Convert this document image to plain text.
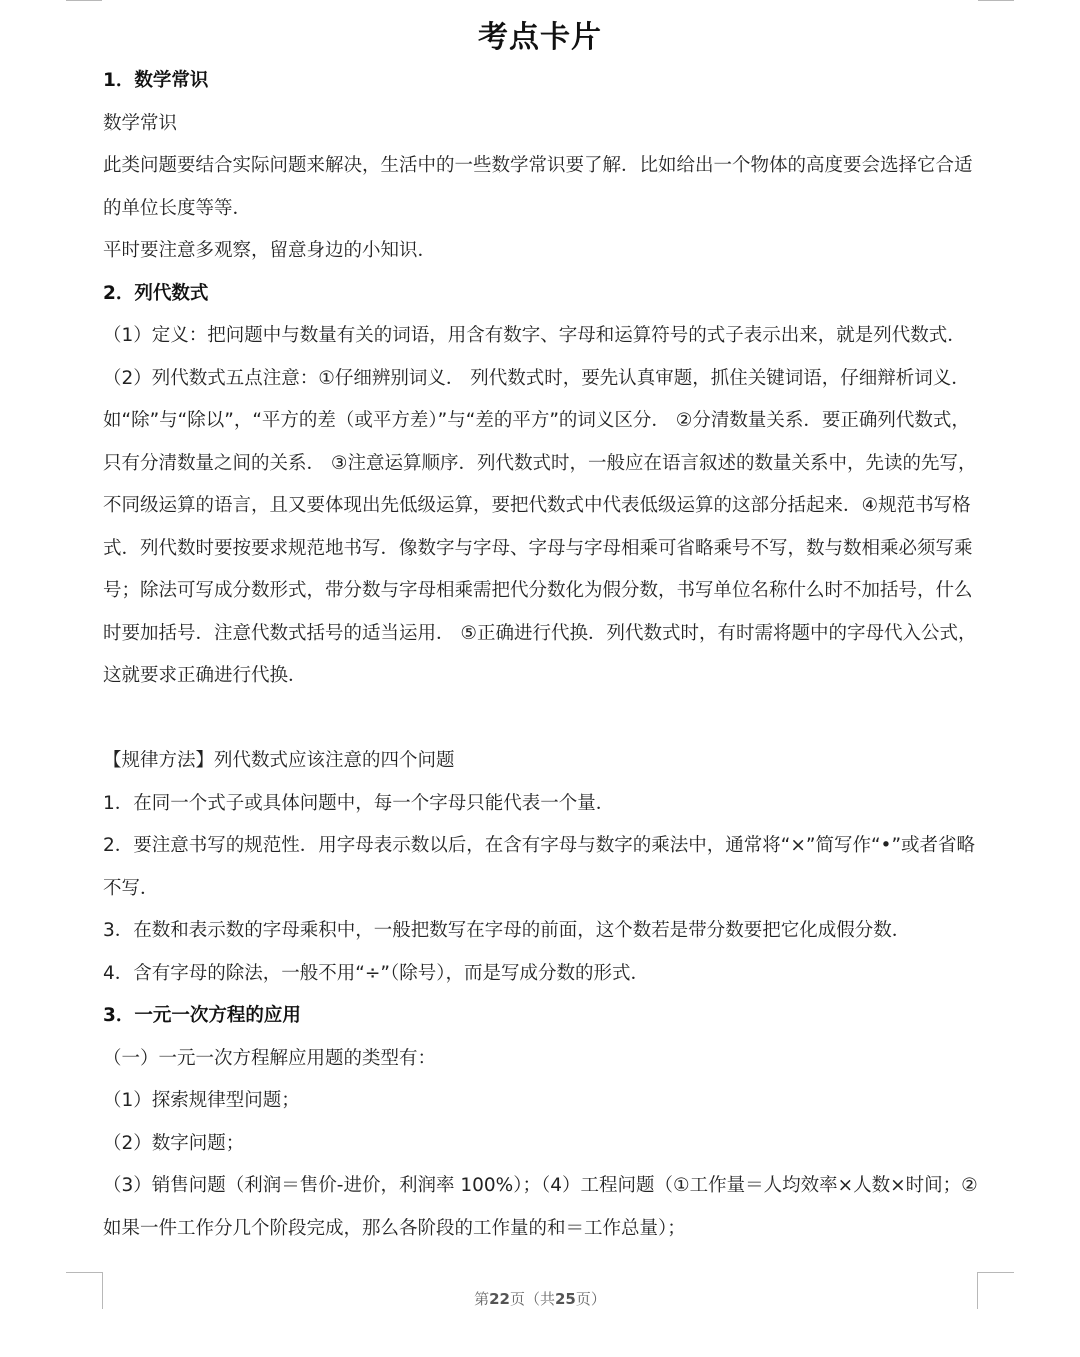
考点卡片

1．数学常识

数学常识

此类问题要结合实际问题来解决，生活中的一些数学常识要了解．比如给出一个物体的高度要会选择它合适的单位长度等等．

平时要注意多观察，留意身边的小知识．

2．列代数式

（1）定义：把问题中与数量有关的词语，用含有数字、字母和运算符号的式子表示出来，就是列代数式．

（2）列代数式五点注意：①仔细辨别词义． 列代数式时，要先认真审题，抓住关键词语，仔细辩析词义．如“除”与“除以”，“平方的差（或平方差）”与“差的平方”的词义区分． ②分清数量关系．要正确列代数式，只有分清数量之间的关系． ③注意运算顺序．列代数式时，一般应在语言叙述的数量关系中，先读的先写，不同级运算的语言，且又要体现出先低级运算，要把代数式中代表低级运算的这部分括起来．④规范书写格式．列代数时要按要求规范地书写．像数字与字母、字母与字母相乘可省略乘号不写，数与数相乘必须写乘号；除法可写成分数形式，带分数与字母相乘需把代分数化为假分数，书写单位名称什么时不加括号，什么时要加括号．注意代数式括号的适当运用． ⑤正确进行代换．列代数式时，有时需将题中的字母代入公式，这就要求正确进行代换．

【规律方法】列代数式应该注意的四个问题

1．在同一个式子或具体问题中，每一个字母只能代表一个量．

2．要注意书写的规范性．用字母表示数以后，在含有字母与数字的乘法中，通常将“×”简写作“•”或者省略不写．

3．在数和表示数的字母乘积中，一般把数写在字母的前面，这个数若是带分数要把它化成假分数．

4．含有字母的除法，一般不用“÷”（除号），而是写成分数的形式．

3．一元一次方程的应用

（一）一元一次方程解应用题的类型有：

（1）探索规律型问题；

（2）数字问题；

（3）销售问题（利润＝售价-进价，利润率 100%）；（4）工程问题（①工作量＝人均效率×人数×时间；②如果一件工作分几个阶段完成，那么各阶段的工作量的和＝工作总量）；

第22页（共25页）
